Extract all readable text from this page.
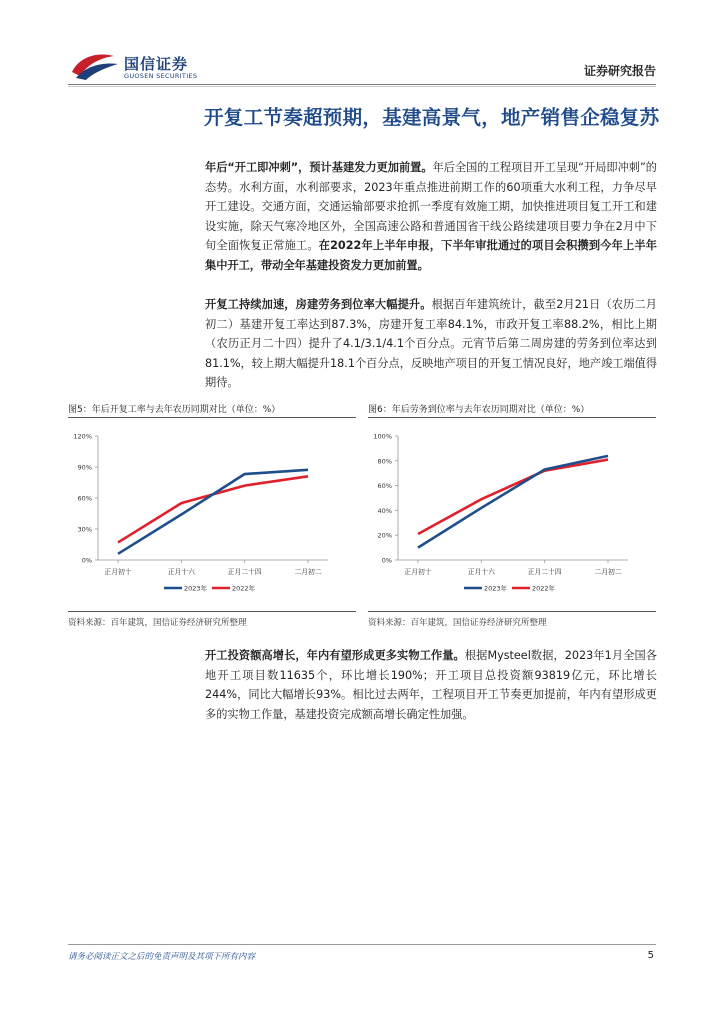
国信证券
GUOSEN SECURITIES	证券研究报告
开复工节奏超预期，基建高景气，地产销售企稳复苏
年后“开工即冲刺”，预计基建发力更加前置。年后全国的工程项目开工呈现“开局即冲刺”的态势。水利方面，水利部要求，2023年重点推进前期工作的60项重大水利工程，力争尽早开工建设。交通方面，交通运输部要求抢抓一季度有效施工期，加快推进项目复工开工和建设实施，除天气寒冷地区外，全国高速公路和普通国省干线公路续建项目要力争在2月中下旬全面恢复正常施工。在2022年上半年申报，下半年审批通过的项目会积攒到今年上半年集中开工，带动全年基建投资发力更加前置。
开复工持续加速，房建劳务到位率大幅提升。根据百年建筑统计，截至2月21日（农历二月初二）基建开复工率达到87.3%，房建开复工率84.1%，市政开复工率88.2%，相比上期（农历正月二十四）提升了4.1/3.1/4.1个百分点。元宵节后第二周房建的劳务到位率达到81.1%，较上期大幅提升18.1个百分点，反映地产项目的开复工情况良好，地产竣工端值得期待。
图5：年后开复工率与去年农历同期对比（单位：%）
0%
30%
60%
90%
120%
正月初十	正月十六	正月二十四	二月初二
2023年	2022年
资料来源：百年建筑，国信证券经济研究所整理
图6：年后劳务到位率与去年农历同期对比（单位：%）
0%
20%
40%
60%
80%
100%
正月初十	正月十六	正月二十四	二月初二
2023年	2022年
资料来源：百年建筑，国信证券经济研究所整理
开工投资额高增长，年内有望形成更多实物工作量。根据Mysteel数据，2023年1月全国各地开工项目数11635个，环比增长190%；开工项目总投资额93819亿元，环比增长244%，同比大幅增长93%。相比过去两年，工程项目开工节奏更加提前，年内有望形成更多的实物工作量，基建投资完成额高增长确定性加强。
请务必阅读正文之后的免责声明及其项下所有内容	5
